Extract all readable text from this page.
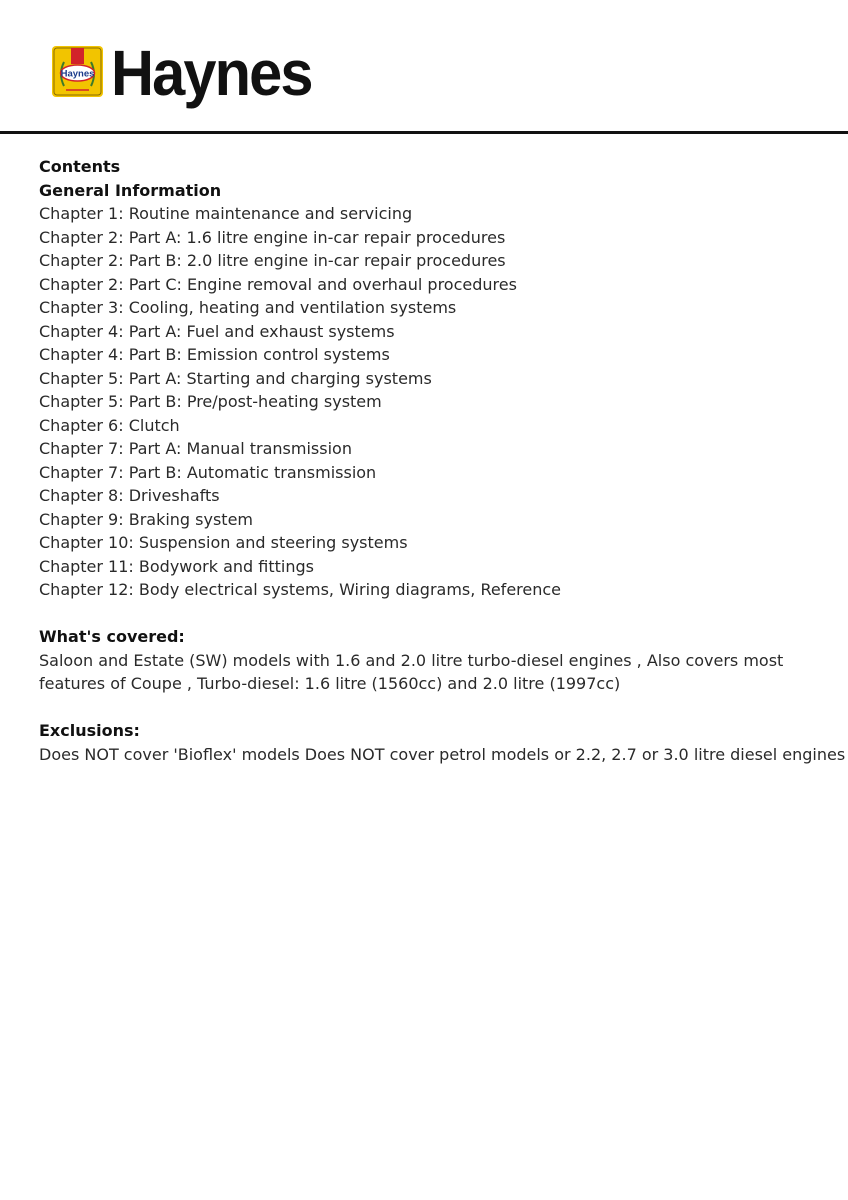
Haynes Haynes
Contents
General Information
Chapter 1: Routine maintenance and servicing
Chapter 2: Part A: 1.6 litre engine in-car repair procedures
Chapter 2: Part B: 2.0 litre engine in-car repair procedures
Chapter 2: Part C: Engine removal and overhaul procedures
Chapter 3: Cooling, heating and ventilation systems
Chapter 4: Part A: Fuel and exhaust systems
Chapter 4: Part B: Emission control systems
Chapter 5: Part A: Starting and charging systems
Chapter 5: Part B: Pre/post-heating system
Chapter 6: Clutch
Chapter 7: Part A: Manual transmission
Chapter 7: Part B: Automatic transmission
Chapter 8: Driveshafts
Chapter 9: Braking system
Chapter 10: Suspension and steering systems
Chapter 11: Bodywork and fittings
Chapter 12: Body electrical systems, Wiring diagrams, Reference
What's covered:
Saloon and Estate (SW) models with 1.6 and 2.0 litre turbo-diesel engines , Also covers most features of Coupe , Turbo-diesel: 1.6 litre (1560cc) and 2.0 litre (1997cc)
Exclusions:
Does NOT cover 'Bioflex' models Does NOT cover petrol models or 2.2, 2.7 or 3.0 litre diesel engines
